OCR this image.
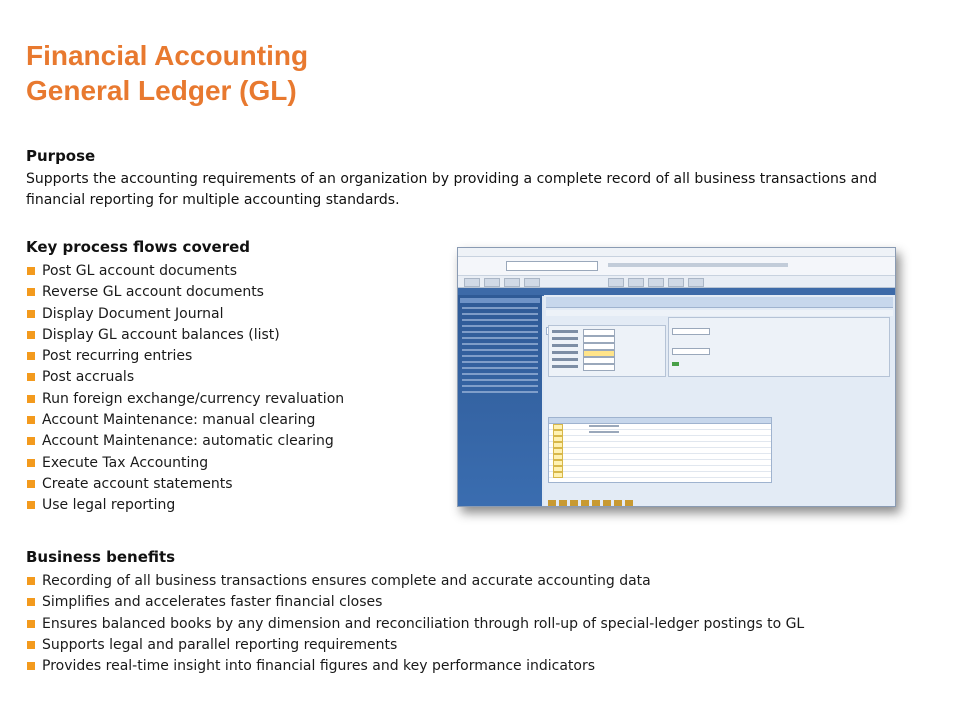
Financial Accounting
General Ledger (GL)
Purpose

Supports the accounting requirements of an organization by providing a complete record of all business transactions and financial reporting for multiple accounting standards.

Key process flows covered
Post GL account documents
Reverse GL account documents
Display Document Journal
Display GL account balances (list)
Post recurring entries
Post accruals
Run foreign exchange/currency revaluation
Account Maintenance: manual clearing
Account Maintenance: automatic clearing
Execute Tax Accounting
Create account statements
Use legal reporting
Business benefits
Recording of all business transactions ensures complete and accurate accounting data
Simplifies and accelerates faster financial closes
Ensures balanced books by any dimension and reconciliation through roll-up of special-ledger postings to GL
Supports legal and parallel reporting requirements
Provides real-time insight into financial figures and key performance indicators
